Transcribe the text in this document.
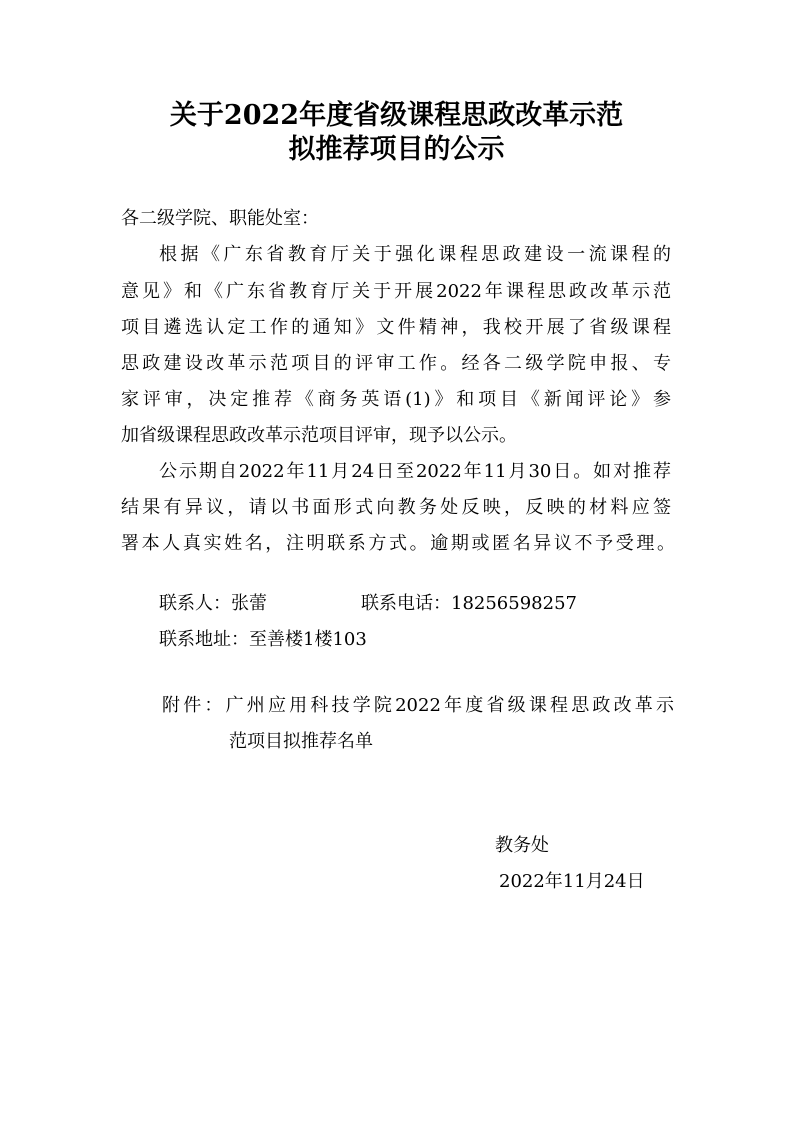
关于2022年度省级课程思政改革示范
拟推荐项目的公示
各二级学院、职能处室：
根据《广东省教育厅关于强化课程思政建设一流课程的
意见》和《广东省教育厅关于开展2022年课程思政改革示范
项目遴选认定工作的通知》文件精神，我校开展了省级课程
思政建设改革示范项目的评审工作。经各二级学院申报、专
家评审，决定推荐《商务英语(1)》和项目《新闻评论》参
加省级课程思政改革示范项目评审，现予以公示。
公示期自2022年11月24日至2022年11月30日。如对推荐
结果有异议，请以书面形式向教务处反映，反映的材料应签
署本人真实姓名，注明联系方式。逾期或匿名异议不予受理。
联系人：张蕾	联系电话：18256598257
联系地址：至善楼1楼103
附件：广州应用科技学院2022年度省级课程思政改革示
范项目拟推荐名单
教务处
2022年11月24日
